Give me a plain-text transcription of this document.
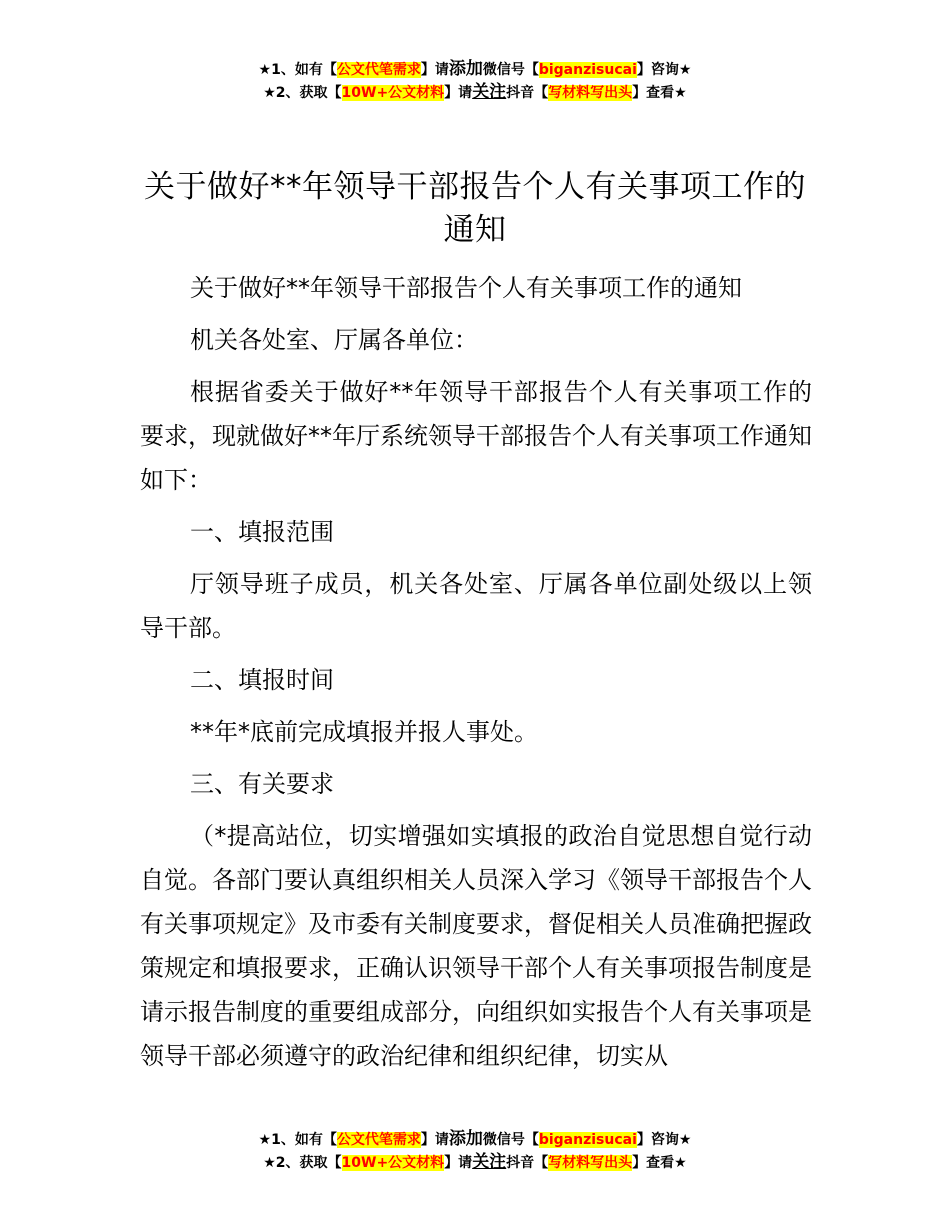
★1、如有【公文代笔需求】请添加微信号【biganzisucai】咨询★
★2、获取【10W+公文材料】请关注抖音【写材料写出头】查看★
关于做好**年领导干部报告个人有关事项工作的通知

关于做好**年领导干部报告个人有关事项工作的通知

机关各处室、厅属各单位：

根据省委关于做好**年领导干部报告个人有关事项工作的要求，现就做好**年厅系统领导干部报告个人有关事项工作通知如下：

一、填报范围

厅领导班子成员，机关各处室、厅属各单位副处级以上领导干部。

二、填报时间

**年*底前完成填报并报人事处。

三、有关要求

（*提高站位，切实增强如实填报的政治自觉思想自觉行动自觉。各部门要认真组织相关人员深入学习《领导干部报告个人有关事项规定》及市委有关制度要求，督促相关人员准确把握政策规定和填报要求，正确认识领导干部个人有关事项报告制度是请示报告制度的重要组成部分，向组织如实报告个人有关事项是领导干部必须遵守的政治纪律和组织纪律，切实从

★1、如有【公文代笔需求】请添加微信号【biganzisucai】咨询★
★2、获取【10W+公文材料】请关注抖音【写材料写出头】查看★
